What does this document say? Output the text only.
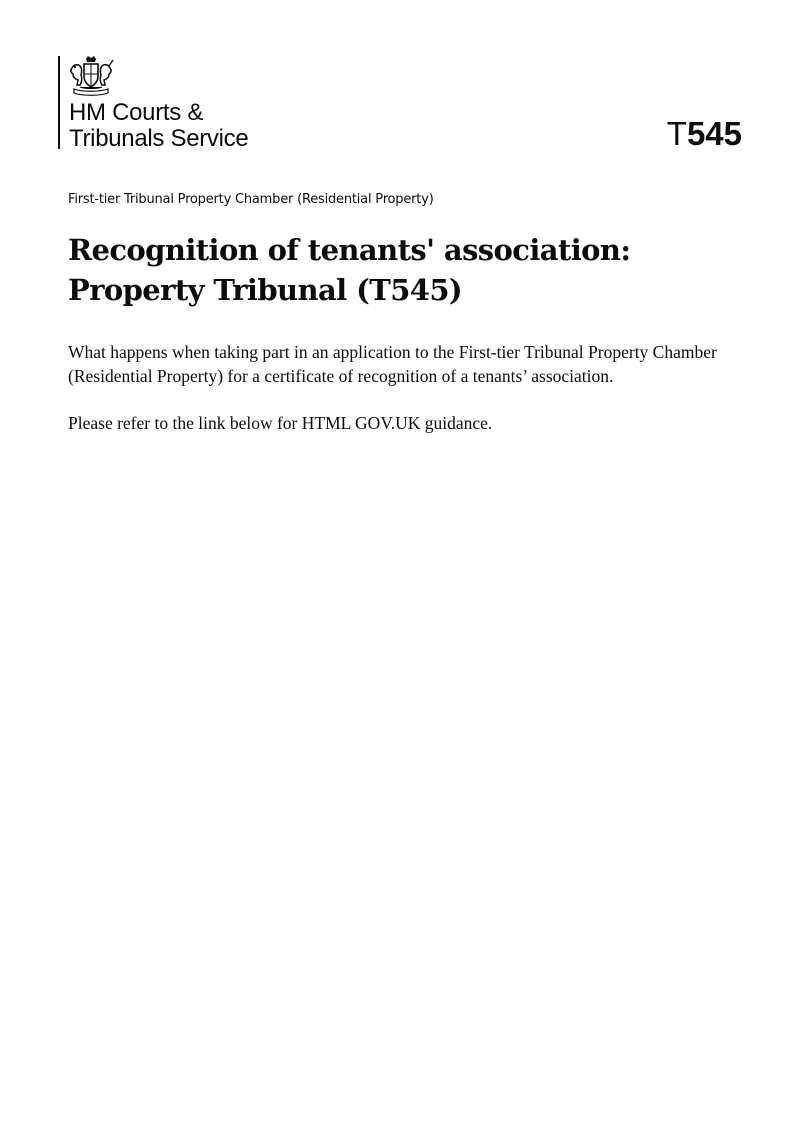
HM Courts &
Tribunals Service	T545
First-tier Tribunal Property Chamber (Residential Property)
Recognition of tenants' association: Property Tribunal (T545)

What happens when taking part in an application to the First-tier Tribunal Property Chamber (Residential Property) for a certificate of recognition of a tenants’ association.

Please refer to the link below for HTML GOV.UK guidance.
